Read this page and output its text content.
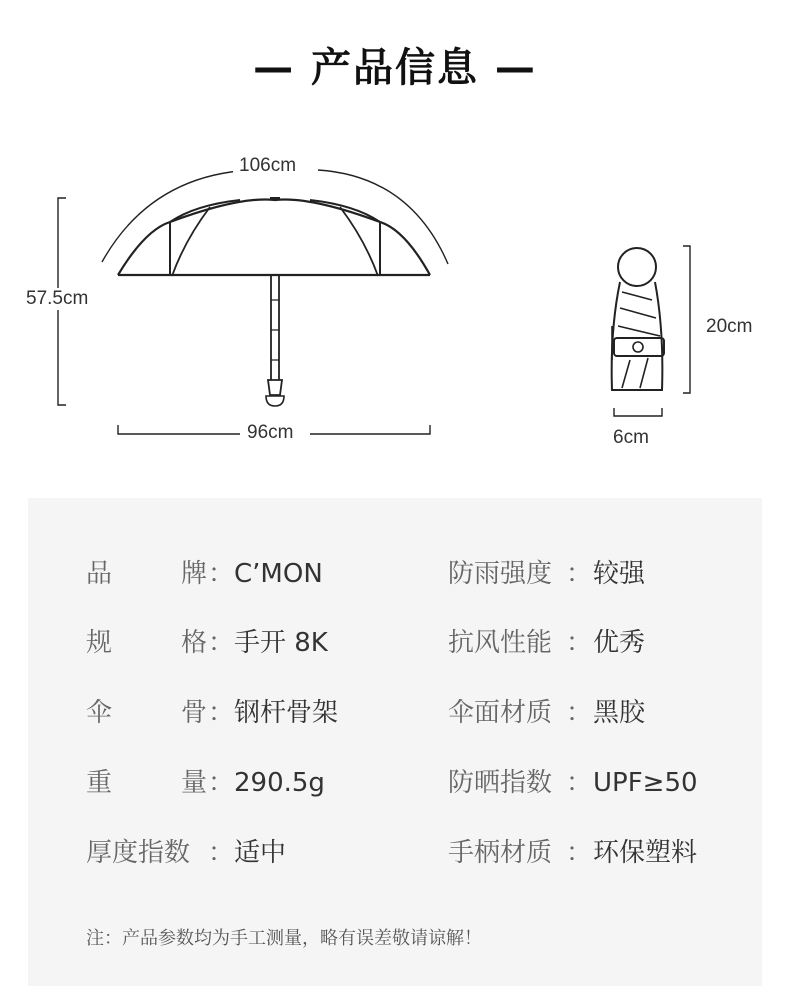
— 产品信息 —
106cm
57.5cm
96cm
20cm
6cm
品 牌 ： C’MON
规 格 ： 手开 8K
伞 骨 ： 钢杆骨架
重 量 ： 290.5g
厚度指数 ： 适中
防雨强度 ： 较强
抗风性能 ： 优秀
伞面材质 ： 黑胶
防晒指数 ： UPF≥50
手柄材质 ： 环保塑料
注：产品参数均为手工测量，略有误差敬请谅解！
